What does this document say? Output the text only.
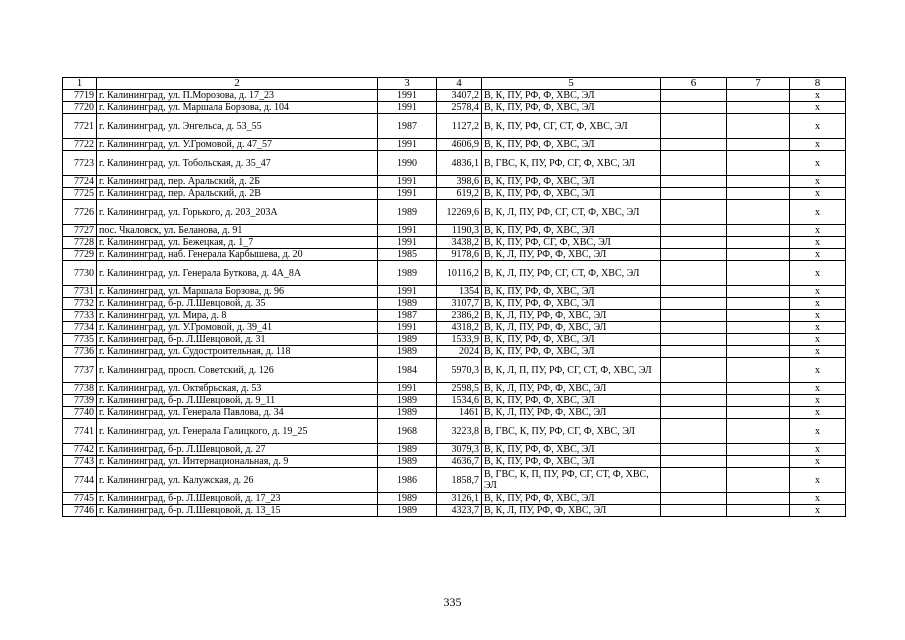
1	2	3	4	5	6	7	8
7719	г. Калининград, ул. П.Морозова, д. 17_23	1991	3407,2	В, К, ПУ, РФ, Ф, ХВС, ЭЛ			x
7720	г. Калининград, ул. Маршала Борзова, д. 104	1991	2578,4	В, К, ПУ, РФ, Ф, ХВС, ЭЛ			x
7721	г. Калининград, ул. Энгельса, д. 53_55	1987	1127,2	В, К, ПУ, РФ, СГ, СТ, Ф, ХВС, ЭЛ			x
7722	г. Калининград, ул. У.Громовой, д. 47_57	1991	4606,9	В, К, ПУ, РФ, Ф, ХВС, ЭЛ			x
7723	г. Калининград, ул. Тобольская, д. 35_47	1990	4836,1	В, ГВС, К, ПУ, РФ, СГ, Ф, ХВС, ЭЛ			x
7724	г. Калининград, пер. Аральский, д. 2Б	1991	398,6	В, К, ПУ, РФ, Ф, ХВС, ЭЛ			x
7725	г. Калининград, пер. Аральский, д. 2В	1991	619,2	В, К, ПУ, РФ, Ф, ХВС, ЭЛ			x
7726	г. Калининград, ул. Горького, д. 203_203А	1989	12269,6	В, К, Л, ПУ, РФ, СГ, СТ, Ф, ХВС, ЭЛ			x
7727	пос. Чкаловск, ул. Беланова, д. 91	1991	1190,3	В, К, ПУ, РФ, Ф, ХВС, ЭЛ			x
7728	г. Калининград, ул. Бежецкая, д. 1_7	1991	3438,2	В, К, ПУ, РФ, СГ, Ф, ХВС, ЭЛ			x
7729	г. Калининград, наб. Генерала Карбышева, д. 20	1985	9178,6	В, К, Л, ПУ, РФ, Ф, ХВС, ЭЛ			x
7730	г. Калининград, ул. Генерала Буткова, д. 4А_8А	1989	10116,2	В, К, Л, ПУ, РФ, СГ, СТ, Ф, ХВС, ЭЛ			x
7731	г. Калининград, ул. Маршала Борзова, д. 96	1991	1354	В, К, ПУ, РФ, Ф, ХВС, ЭЛ			x
7732	г. Калининград, б-р. Л.Шевцовой, д. 35	1989	3107,7	В, К, ПУ, РФ, Ф, ХВС, ЭЛ			x
7733	г. Калининград, ул. Мира, д. 8	1987	2386,2	В, К, Л, ПУ, РФ, Ф, ХВС, ЭЛ			x
7734	г. Калининград, ул. У.Громовой, д. 39_41	1991	4318,2	В, К, Л, ПУ, РФ, Ф, ХВС, ЭЛ			x
7735	г. Калининград, б-р. Л.Шевцовой, д. 31	1989	1533,9	В, К, ПУ, РФ, Ф, ХВС, ЭЛ			x
7736	г. Калининград, ул. Судостроительная, д. 118	1989	2024	В, К, ПУ, РФ, Ф, ХВС, ЭЛ			x
7737	г. Калининград, просп. Советский, д. 126	1984	5970,3	В, К, Л, П, ПУ, РФ, СГ, СТ, Ф, ХВС, ЭЛ			x
7738	г. Калининград, ул. Октябрьская, д. 53	1991	2598,5	В, К, Л, ПУ, РФ, Ф, ХВС, ЭЛ			x
7739	г. Калининград, б-р. Л.Шевцовой, д. 9_11	1989	1534,6	В, К, ПУ, РФ, Ф, ХВС, ЭЛ			x
7740	г. Калининград, ул. Генерала Павлова, д. 34	1989	1461	В, К, Л, ПУ, РФ, Ф, ХВС, ЭЛ			x
7741	г. Калининград, ул. Генерала Галицкого, д. 19_25	1968	3223,8	В, ГВС, К, ПУ, РФ, СГ, Ф, ХВС, ЭЛ			x
7742	г. Калининград, б-р. Л.Шевцовой, д. 27	1989	3079,3	В, К, ПУ, РФ, Ф, ХВС, ЭЛ			x
7743	г. Калининград, ул. Интернациональная, д. 9	1989	4636,7	В, К, ПУ, РФ, Ф, ХВС, ЭЛ			x
7744	г. Калининград, ул. Калужская, д. 26	1986	1858,7	В, ГВС, К, П, ПУ, РФ, СГ, СТ, Ф, ХВС, ЭЛ			x
7745	г. Калининград, б-р. Л.Шевцовой, д. 17_23	1989	3126,1	В, К, ПУ, РФ, Ф, ХВС, ЭЛ			x
7746	г. Калининград, б-р. Л.Шевцовой, д. 13_15	1989	4323,7	В, К, Л, ПУ, РФ, Ф, ХВС, ЭЛ			x
335
